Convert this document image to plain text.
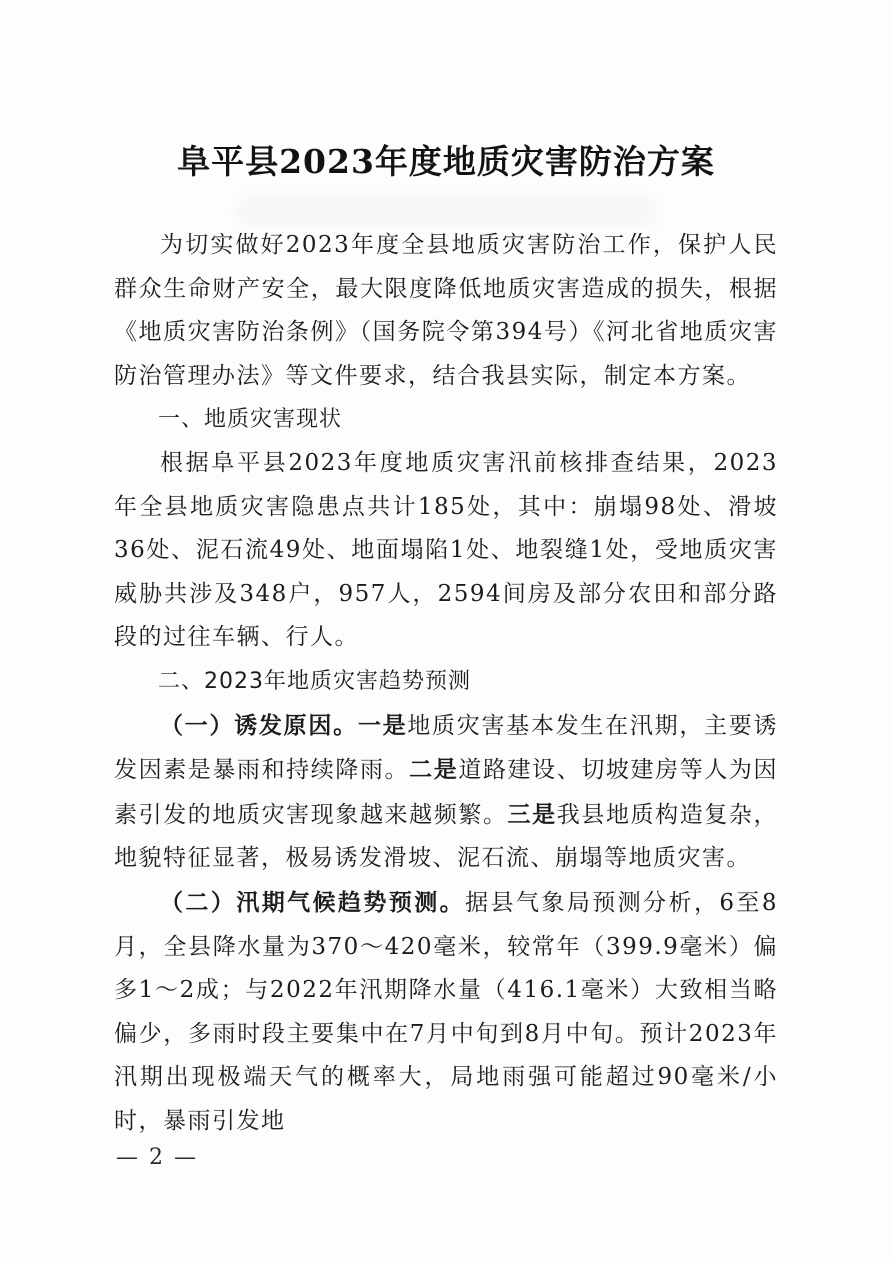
阜平县2023年度地质灾害防治方案

为切实做好2023年度全县地质灾害防治工作，保护人民群众生命财产安全，最大限度降低地质灾害造成的损失，根据《地质灾害防治条例》（国务院令第394号）《河北省地质灾害防治管理办法》等文件要求，结合我县实际，制定本方案。

一、地质灾害现状

根据阜平县2023年度地质灾害汛前核排查结果，2023年全县地质灾害隐患点共计185处，其中：崩塌98处、滑坡36处、泥石流49处、地面塌陷1处、地裂缝1处，受地质灾害威胁共涉及348户，957人，2594间房及部分农田和部分路段的过往车辆、行人。

二、2023年地质灾害趋势预测

（一）诱发原因。一是地质灾害基本发生在汛期，主要诱发因素是暴雨和持续降雨。二是道路建设、切坡建房等人为因素引发的地质灾害现象越来越频繁。三是我县地质构造复杂，地貌特征显著，极易诱发滑坡、泥石流、崩塌等地质灾害。

（二）汛期气候趋势预测。据县气象局预测分析，6至8月，全县降水量为370～420毫米，较常年（399.9毫米）偏多1～2成；与2022年汛期降水量（416.1毫米）大致相当略偏少，多雨时段主要集中在7月中旬到8月中旬。预计2023年汛期出现极端天气的概率大，局地雨强可能超过90毫米/小时，暴雨引发地

— 2 —
